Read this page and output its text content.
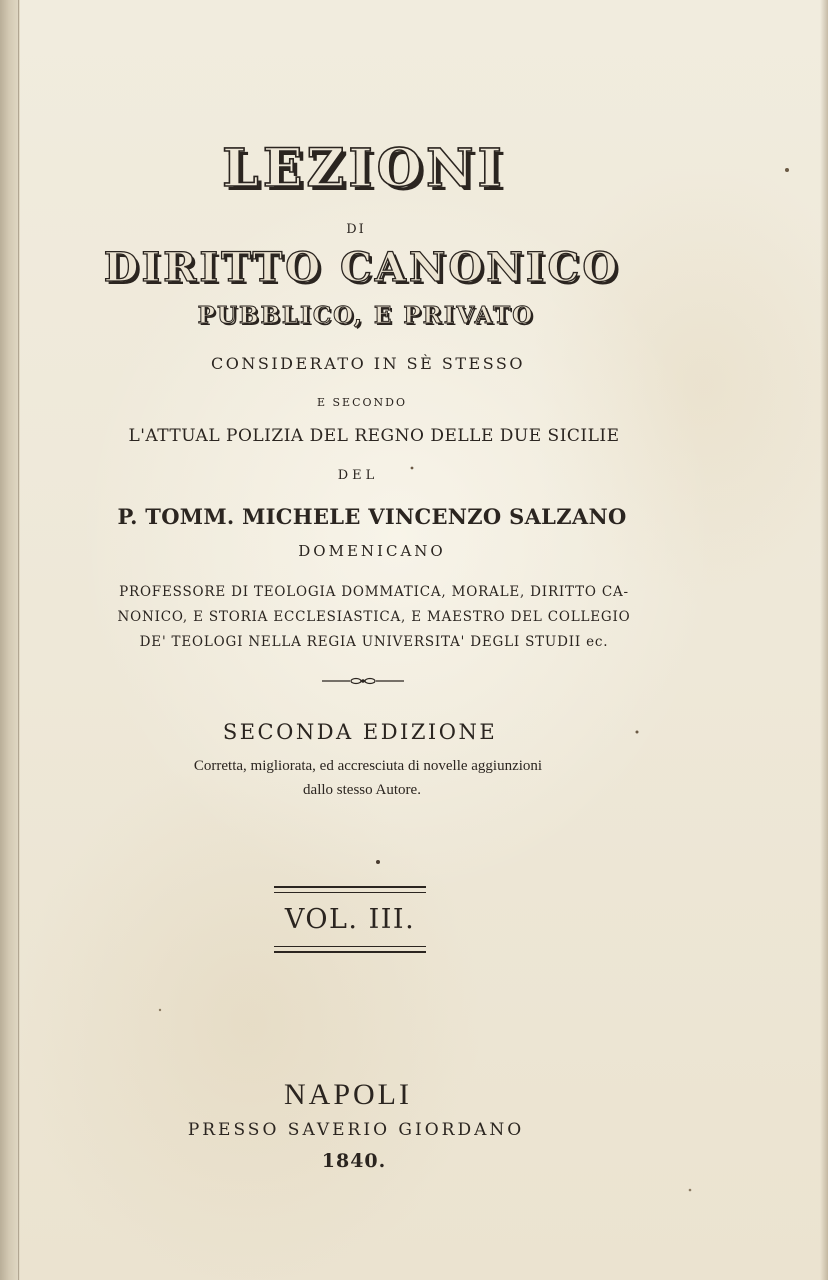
LEZIONI
DI
DIRITTO CANONICO
PUBBLICO, E PRIVATO
CONSIDERATO IN SÈ STESSO
E SECONDO
L'ATTUAL POLIZIA DEL REGNO DELLE DUE SICILIE
DEL
P. TOMM. MICHELE VINCENZO SALZANO
DOMENICANO
PROFESSORE DI TEOLOGIA DOMMATICA, MORALE, DIRITTO CA-
NONICO, E STORIA ECCLESIASTICA, E MAESTRO DEL COLLEGIO
DE' TEOLOGI NELLA REGIA UNIVERSITA' DEGLI STUDII ec.
SECONDA EDIZIONE
Corretta, migliorata, ed accresciuta di novelle aggiunzioni
dallo stesso Autore.
VOL. III.
NAPOLI
PRESSO SAVERIO GIORDANO
1840.
